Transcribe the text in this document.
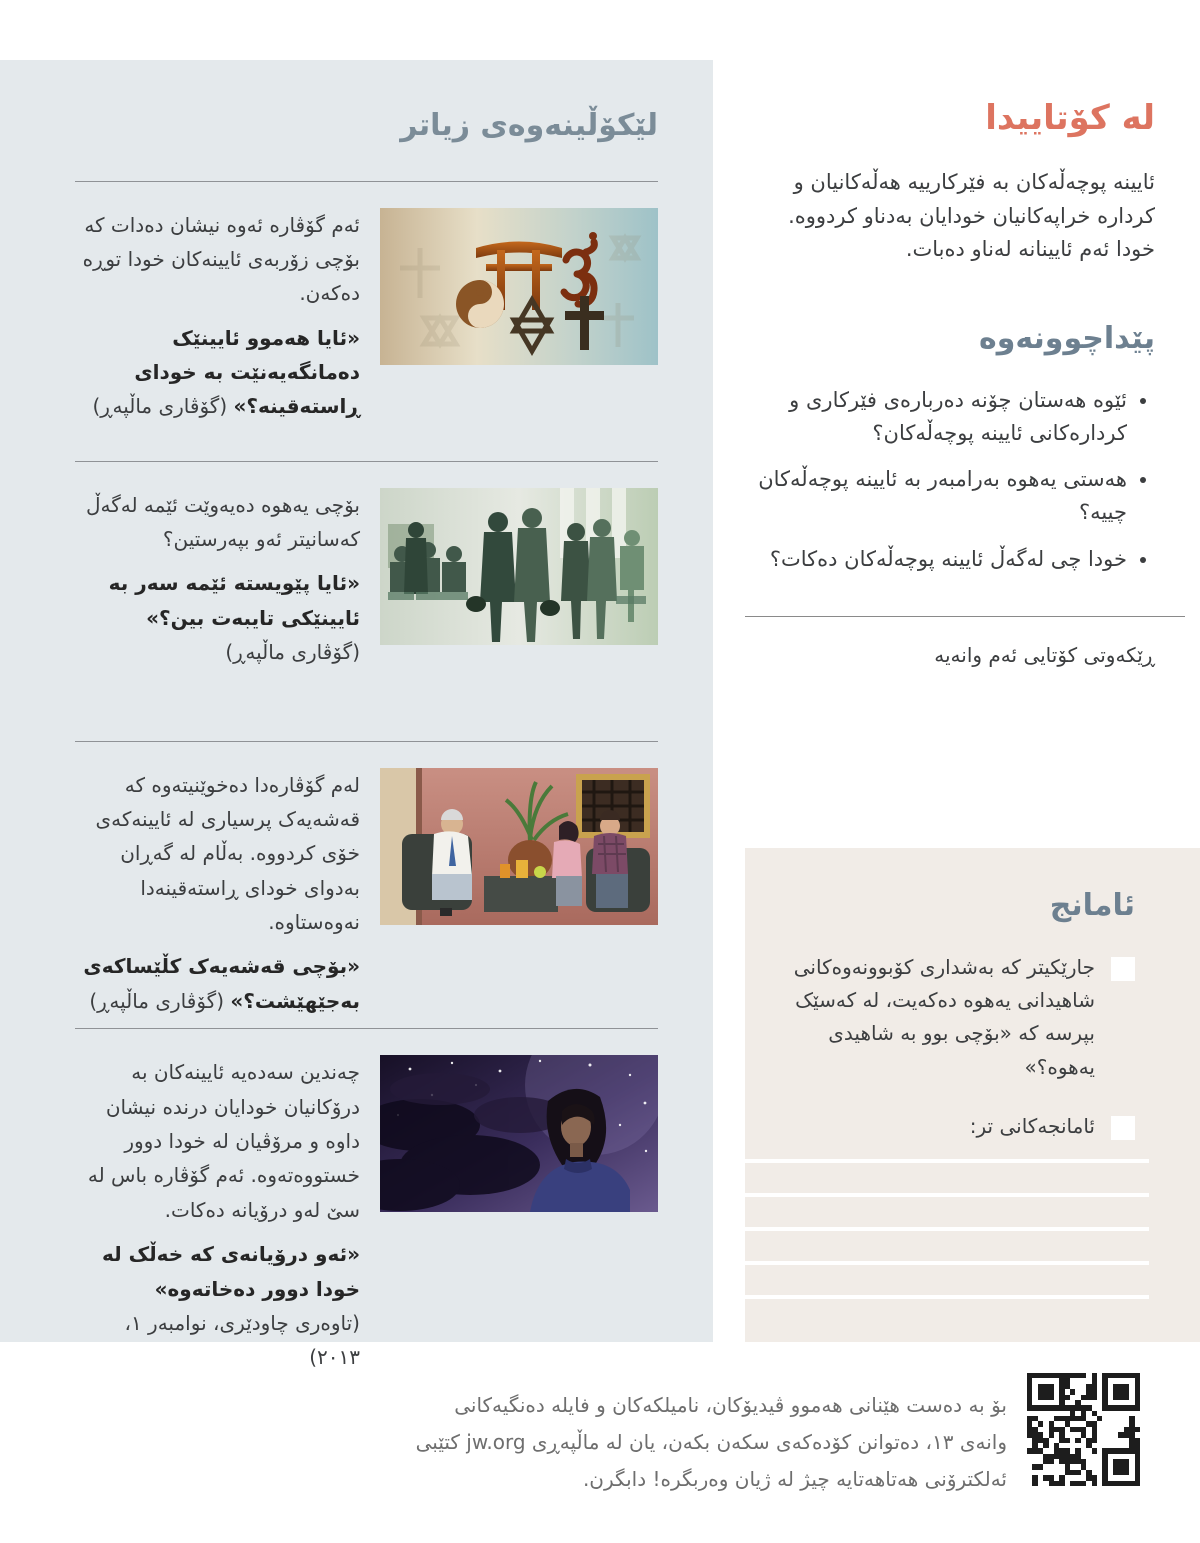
لێکۆڵینەوەی زیاتر

ئەم گۆڤارە ئەوە نیشان دەدات کە بۆچی زۆربەی ئایینەکان خودا توڕە دەکەن.

«ئایا هەموو ئایینێک دەمانگەیەنێت بە خودای ڕاستەقینە؟» (گۆڤاری ماڵپەڕ)

بۆچی یەهوە دەیەوێت ئێمە لەگەڵ کەسانیتر ئەو بپەرستین؟

«ئایا پێویستە ئێمە سەر بە ئایینێکی تایبەت بین؟» (گۆڤاری ماڵپەڕ)

لەم گۆڤارەدا دەخوێنیتەوە کە قەشەیەک پرسیاری لە ئایینەکەی خۆی کردووە. بەڵام لە گەڕان بەدوای خودای ڕاستەقینەدا نەوەستاوە.

«بۆچی قەشەیەک کڵێساکەی بەجێهێشت؟» (گۆڤاری ماڵپەڕ)

چەندین سەدەیە ئایینەکان بە درۆکانیان خودایان درندە نیشان داوە و مرۆڤیان لە خودا دوور خستووەتەوە. ئەم گۆڤارە باس لە سێ لەو درۆیانە دەکات.

«ئەو درۆیانەی کە خەڵک لە خودا دوور دەخاتەوە»
(تاوەری چاودێری، نوامبەر ۱، ۲۰۱۳)

لە کۆتاییدا

ئایینە پوچەڵەکان بە فێرکارییە هەڵەکانیان و کردارە خراپەکانیان خودایان بەدناو کردووە. خودا ئەم ئایینانە لەناو دەبات.

پێداچوونەوە
• ئێوە هەستان چۆنە دەربارەی فێرکاری و کردارەکانی ئایینە پوچەڵەکان؟
• هەستی یەهوە بەرامبەر بە ئایینە پوچەڵەکان چییە؟
• خودا چی لەگەڵ ئایینە پوچەڵەکان دەکات؟

ڕێکەوتی کۆتایی ئەم وانەیە

ئامانج
جارێکیتر کە بەشداری کۆبوونەوەکانی شاهیدانی یەهوە دەکەیت، لە کەسێک بپرسە کە «بۆچی بوو بە شاهیدی یەهوە؟»
ئامانجەکانی تر:
بۆ بە دەست هێنانی هەموو ڤیدیۆکان، نامیلکەکان و فایلە دەنگیەکانی
وانەی ۱۳، دەتوانن کۆدەکەی سکەن بکەن، یان لە ماڵپەڕی jw.org کتێبی
ئەلکترۆنی هەتاهەتایە چیژ لە ژیان وەربگرە! دابگرن.
